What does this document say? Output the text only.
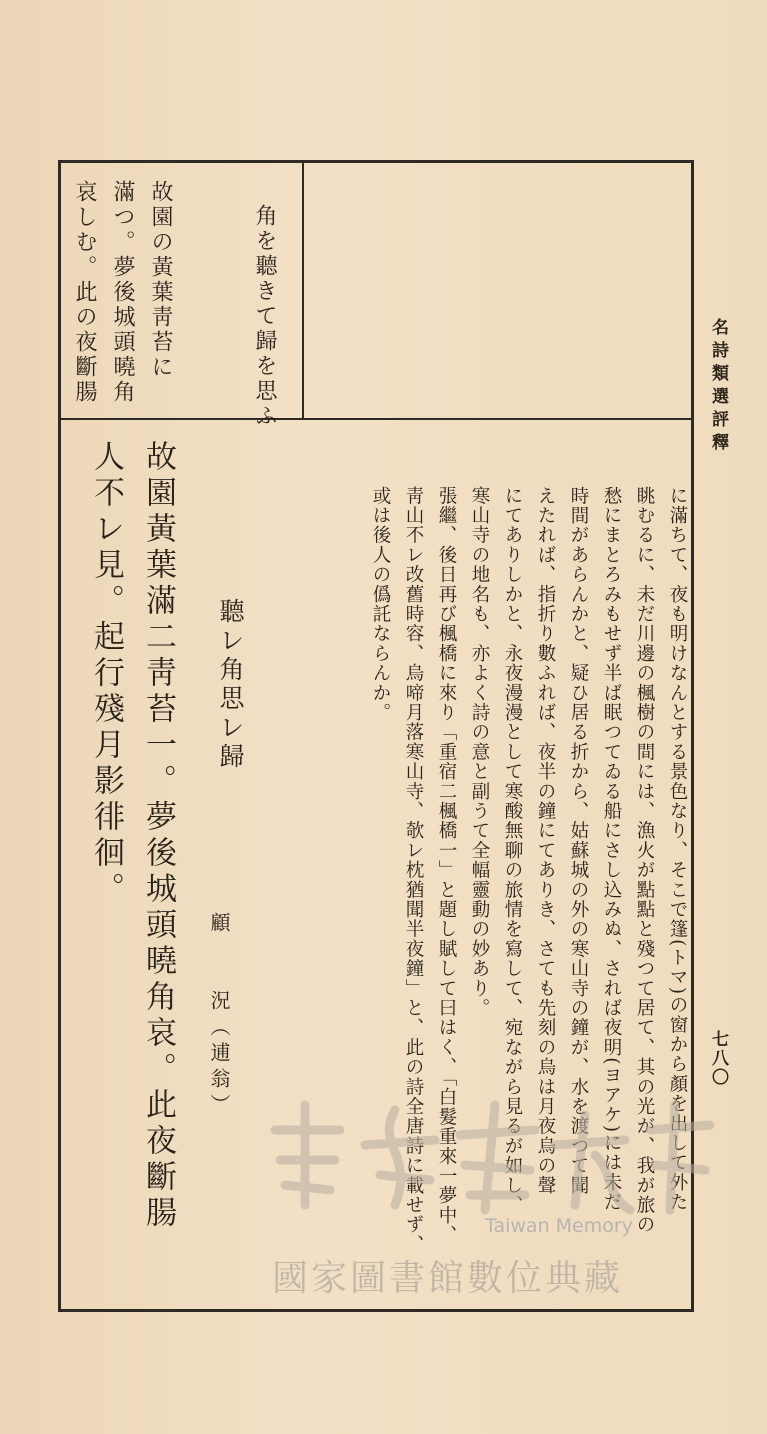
名詩類選評釋
七八〇
角を聽きて歸を思ふ
故園の黃葉靑苔に
滿つ。夢後城頭曉角
哀しむ。此の夜斷腸
に滿ちて、夜も明けなんとする景色なり、そこで篷(トマ)の窗から顏を出して外た
眺むるに、未だ川邊の楓樹の間には、漁火が點點と殘つて居て、其の光が、我が旅の
愁にまとろみもせず半ば眠つてゐる船にさし込みぬ、されば夜明(ヨアケ)には未だ
時間があらんかと、疑ひ居る折から、姑蘇城の外の寒山寺の鐘が、水を渡つて聞
えたれば、指折り數ふれば、夜半の鐘にてありき、さても先刻の烏は月夜烏の聲
にてありしかと、永夜漫漫として寒酸無聊の旅情を寫して、宛ながら見るが如し、
寒山寺の地名も、亦よく詩の意と副うて全幅靈動の妙あり。
張繼、後日再び楓橋に來り「重宿二楓橋一」と題し賦して曰はく、「白髮重來一夢中、
靑山不レ改舊時容、烏啼月落寒山寺、欹レ枕猶聞半夜鐘」と、此の詩全唐詩に載せず、
或は後人の僞託ならんか。
聽レ角思レ歸
顧　　況（逋翁）
故園黃葉滿二靑苔一。夢後城頭曉角哀。此夜斷腸
人不レ見。起行殘月影徘徊。
Taiwan Memory
國家圖書館數位典藏
